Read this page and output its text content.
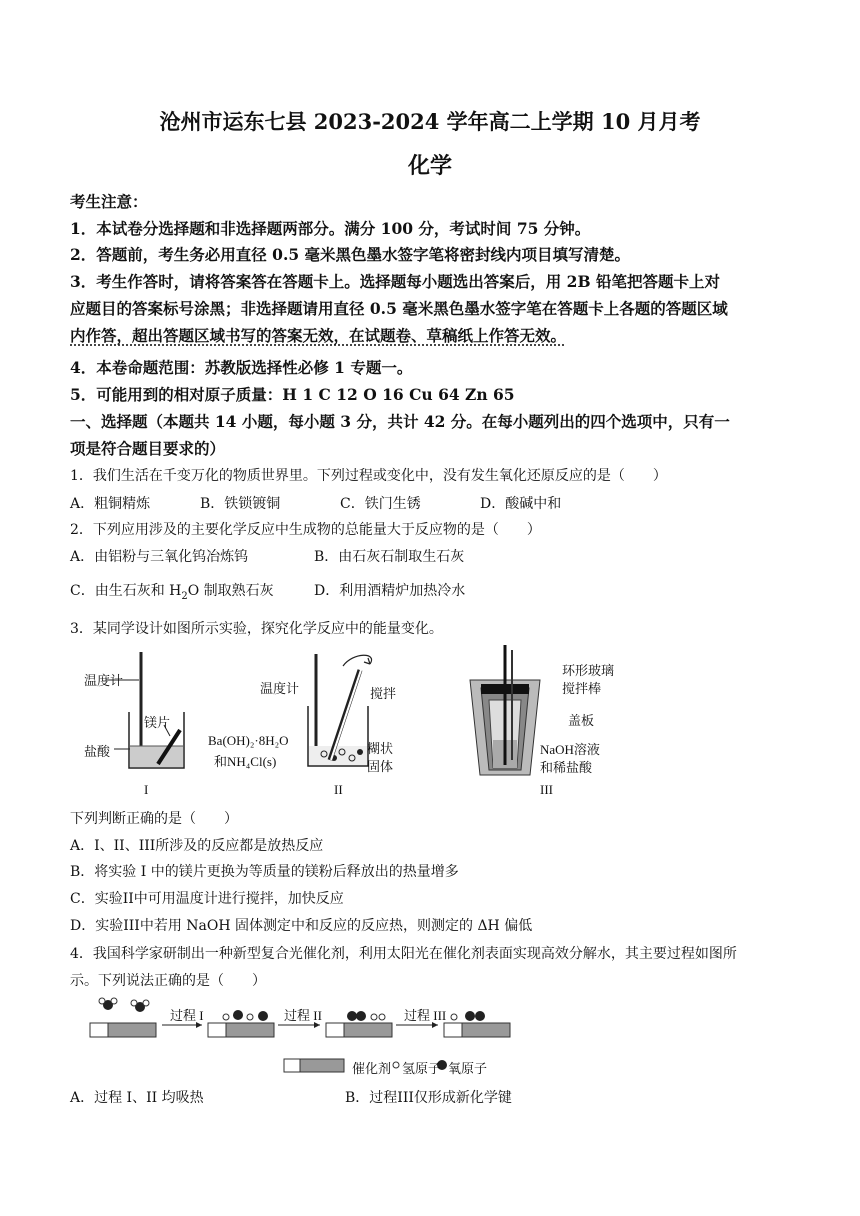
沧州市运东七县 2023-2024 学年高二上学期 10 月月考
化学
考生注意：
1．本试卷分选择题和非选择题两部分。满分 100 分，考试时间 75 分钟。
2．答题前，考生务必用直径 0.5 毫米黑色墨水签字笔将密封线内项目填写清楚。
3．考生作答时，请将答案答在答题卡上。选择题每小题选出答案后，用 2B 铅笔把答题卡上对
应题目的答案标号涂黑；非选择题请用直径 0.5 毫米黑色墨水签字笔在答题卡上各题的答题区域
内作答，超出答题区域书写的答案无效，在试题卷、草稿纸上作答无效。
4．本卷命题范围：苏教版选择性必修 1 专题一。
5．可能用到的相对原子质量：H 1 C 12 O 16 Cu 64 Zn 65
一、选择题（本题共 14 小题，每小题 3 分，共计 42 分。在每小题列出的四个选项中，只有一
项是符合题目要求的）
1．我们生活在千变万化的物质世界里。下列过程或变化中，没有发生氧化还原反应的是（　　）
A．粗铜精炼	B．铁锁镀铜	C．铁门生锈	D．酸碱中和
2．下列应用涉及的主要化学反应中生成物的总能量大于反应物的是（　　）
A．由铝粉与三氧化钨冶炼钨	B．由石灰石制取生石灰
C．由生石灰和 $H_2O$ 制取熟石灰	D．利用酒精炉加热冷水
3．某同学设计如图所示实验，探究化学反应中的能量变化。
温度计
镁片
盐酸
I
温度计	搅拌
Ba(OH)₂·8H₂O
和NH₄Cl(s)
糊状
固体
II
环形玻璃
搅拌棒
盖板
NaOH溶液
和稀盐酸
III
下列判断正确的是（　　）
A．I、II、III所涉及的反应都是放热反应
B．将实验 I 中的镁片更换为等质量的镁粉后释放出的热量增多
C．实验II中可用温度计进行搅拌，加快反应
D．实验III中若用 NaOH 固体测定中和反应的反应热，则测定的 ΔH 偏低
4．我国科学家研制出一种新型复合光催化剂，利用太阳光在催化剂表面实现高效分解水，其主要过程如图所
示。下列说法正确的是（　　）
过程 I	过程 II	过程 III
催化剂 氢原子 氧原子
A．过程 I、II 均吸热	B．过程III仅形成新化学键
